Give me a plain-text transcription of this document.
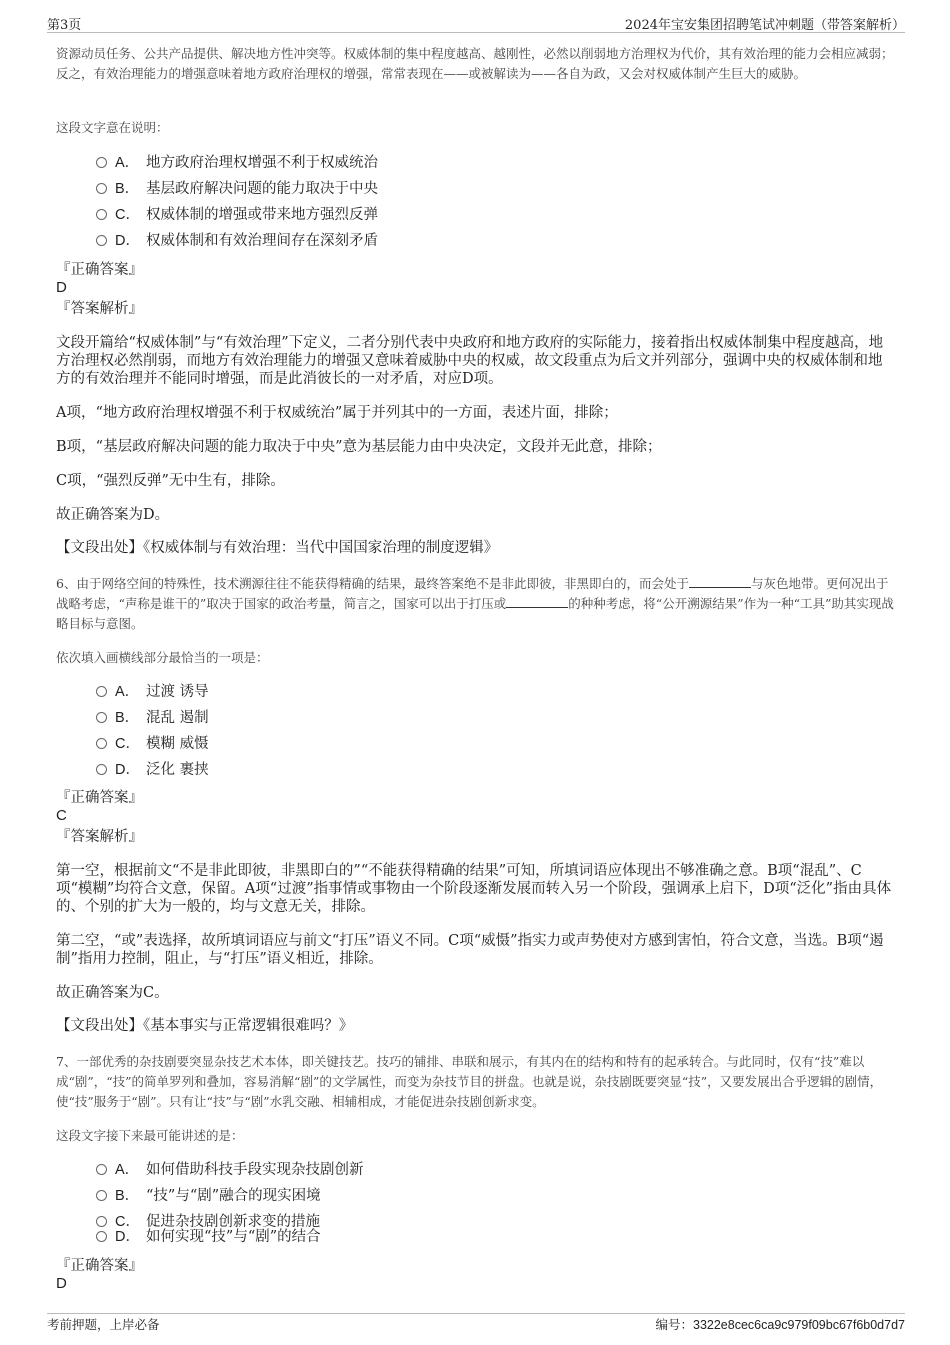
第3页	2024年宝安集团招聘笔试冲刺题（带答案解析）

资源动员任务、公共产品提供、解决地方性冲突等。权威体制的集中程度越高、越刚性，必然以削弱地方治理权为代价，其有效治理的能力会相应减弱；反之，有效治理能力的增强意味着地方政府治理权的增强，常常表现在——或被解读为——各自为政，又会对权威体制产生巨大的威胁。

这段文字意在说明：

A． 地方政府治理权增强不利于权威统治
B． 基层政府解决问题的能力取决于中央
C． 权威体制的增强或带来地方强烈反弹
D． 权威体制和有效治理间存在深刻矛盾
『正确答案』
D
『答案解析』

文段开篇给“权威体制”与“有效治理”下定义，二者分别代表中央政府和地方政府的实际能力，接着指出权威体制集中程度越高，地方治理权必然削弱，而地方有效治理能力的增强又意味着威胁中央的权威，故文段重点为后文并列部分，强调中央的权威体制和地方的有效治理并不能同时增强，而是此消彼长的一对矛盾，对应D项。

A项，“地方政府治理权增强不利于权威统治”属于并列其中的一方面，表述片面，排除；

B项，“基层政府解决问题的能力取决于中央”意为基层能力由中央决定，文段并无此意，排除；

C项，“强烈反弹”无中生有，排除。

故正确答案为D。

【文段出处】《权威体制与有效治理：当代中国国家治理的制度逻辑》

6、由于网络空间的特殊性，技术溯源往往不能获得精确的结果，最终答案绝不是非此即彼，非黑即白的，而会处于	与灰色地带。更何况出于战略考虑，“声称是谁干的”取决于国家的政治考量，简言之，国家可以出于打压或	的种种考虑，将“公开溯源结果”作为一种“工具”助其实现战略目标与意图。

依次填入画横线部分最恰当的一项是：

A． 过渡 诱导
B． 混乱 遏制
C． 模糊 威慑
D． 泛化 裹挟
『正确答案』
C
『答案解析』

第一空，根据前文“不是非此即彼，非黑即白的”“不能获得精确的结果”可知，所填词语应体现出不够准确之意。B项“混乱”、C项“模糊”均符合文意，保留。A项“过渡”指事情或事物由一个阶段逐渐发展而转入另一个阶段，强调承上启下，D项“泛化”指由具体的、个别的扩大为一般的，均与文意无关，排除。

第二空，“或”表选择，故所填词语应与前文“打压”语义不同。C项“威慑”指实力或声势使对方感到害怕，符合文意，当选。B项“遏制”指用力控制，阻止，与“打压”语义相近，排除。

故正确答案为C。

【文段出处】《基本事实与正常逻辑很难吗？》

7、一部优秀的杂技剧要突显杂技艺术本体，即关键技艺。技巧的铺排、串联和展示，有其内在的结构和特有的起承转合。与此同时，仅有“技”难以成“剧”，“技”的简单罗列和叠加，容易消解“剧”的文学属性，而变为杂技节目的拼盘。也就是说，杂技剧既要突显“技”，又要发展出合乎逻辑的剧情，使“技”服务于“剧”。只有让“技”与“剧”水乳交融、相辅相成，才能促进杂技剧创新求变。

这段文字接下来最可能讲述的是：

A． 如何借助科技手段实现杂技剧创新
B． “技”与“剧”融合的现实困境
C． 促进杂技剧创新求变的措施
D． 如何实现“技”与“剧”的结合
『正确答案』
D
考前押题，上岸必备	编号：3322e8cec6ca9c979f09bc67f6b0d7d7
